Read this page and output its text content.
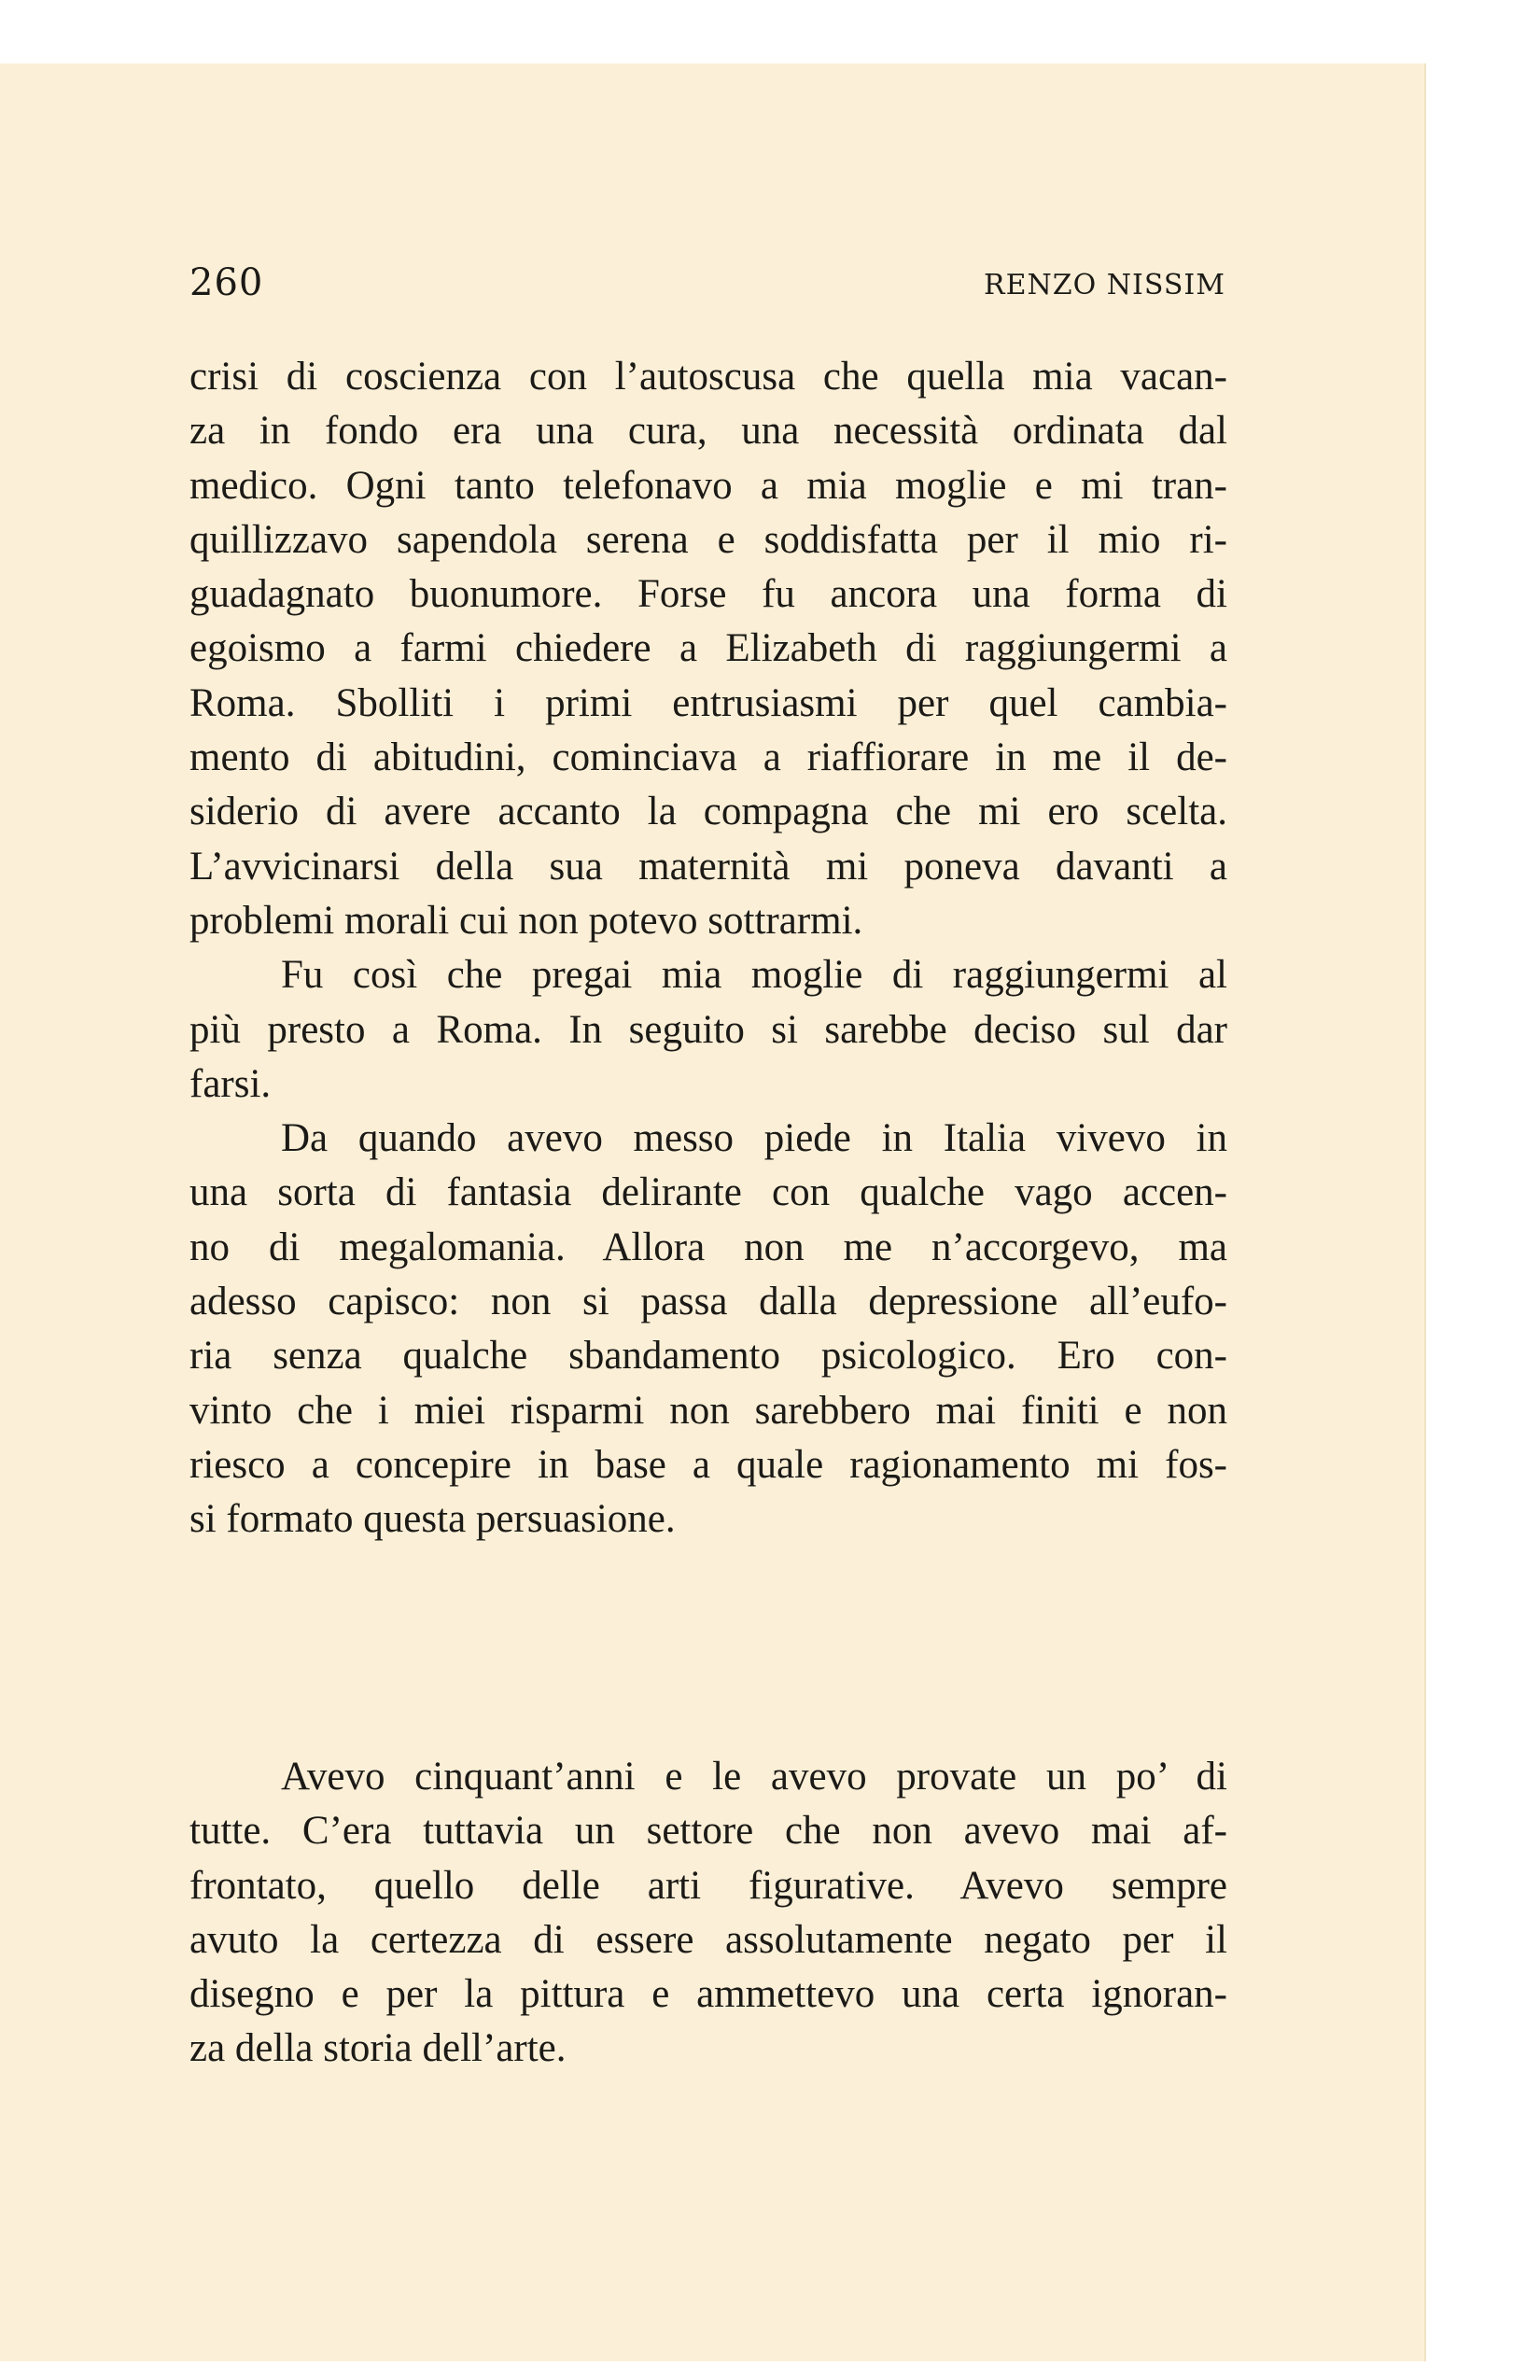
260	RENZO NISSIM
crisi di coscienza con l’autoscusa che quella mia vacan-
za in fondo era una cura, una necessità ordinata dal
medico. Ogni tanto telefonavo a mia moglie e mi tran-
quillizzavo sapendola serena e soddisfatta per il mio ri-
guadagnato buonumore. Forse fu ancora una forma di
egoismo a farmi chiedere a Elizabeth di raggiungermi a
Roma. Sbolliti i primi entrusiasmi per quel cambia-
mento di abitudini, cominciava a riaffiorare in me il de-
siderio di avere accanto la compagna che mi ero scelta.
L’avvicinarsi della sua maternità mi poneva davanti a
problemi morali cui non potevo sottrarmi.
Fu così che pregai mia moglie di raggiungermi al
più presto a Roma. In seguito si sarebbe deciso sul dar
farsi.
Da quando avevo messo piede in Italia vivevo in
una sorta di fantasia delirante con qualche vago accen-
no di megalomania. Allora non me n’accorgevo, ma
adesso capisco: non si passa dalla depressione all’eufo-
ria senza qualche sbandamento psicologico. Ero con-
vinto che i miei risparmi non sarebbero mai finiti e non
riesco a concepire in base a quale ragionamento mi fos-
si formato questa persuasione.
Avevo cinquant’anni e le avevo provate un po’ di
tutte. C’era tuttavia un settore che non avevo mai af-
frontato, quello delle arti figurative. Avevo sempre
avuto la certezza di essere assolutamente negato per il
disegno e per la pittura e ammettevo una certa ignoran-
za della storia dell’arte.
